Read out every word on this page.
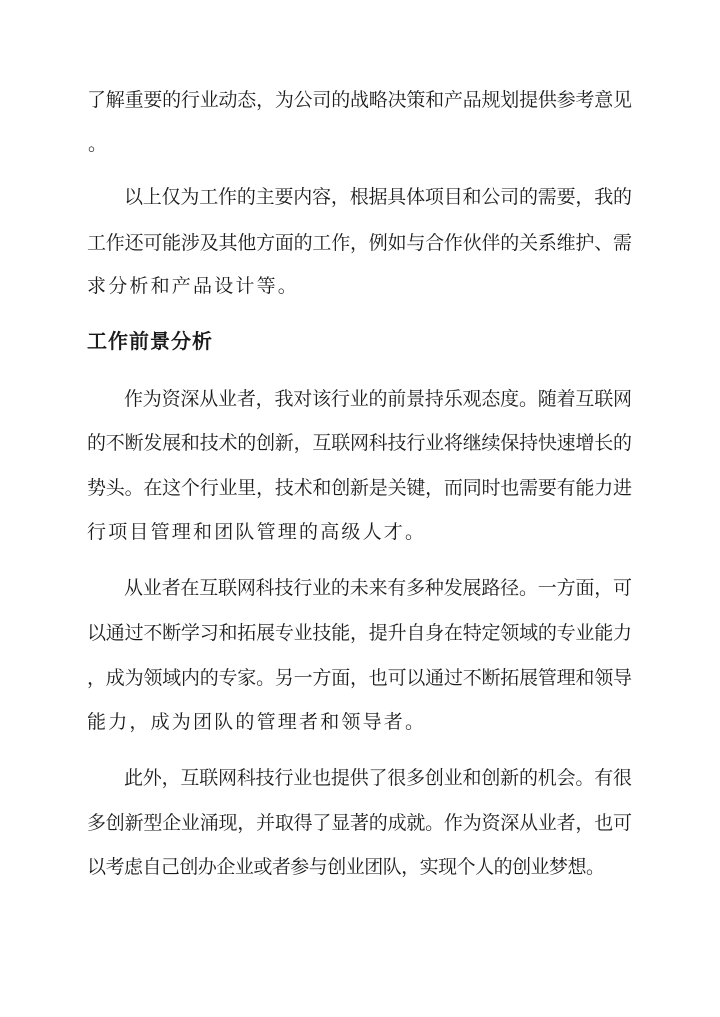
了 解 重 要 的 行 业 动 态 ， 为 公 司 的 战 略 决 策 和 产 品 规 划 提 供 参 考 意 见
。
以 上 仅 为 工 作 的 主 要 内 容 ， 根 据 具 体 项 目 和 公 司 的 需 要 ， 我 的
工 作 还 可 能 涉 及 其 他 方 面 的 工 作 ， 例 如 与 合 作 伙 伴 的 关 系 维 护 、 需
求分析和产品设计等。
工作前景分析
作 为 资 深 从 业 者 ， 我 对 该 行 业 的 前 景 持 乐 观 态 度 。 随 着 互 联 网
的 不 断 发 展 和 技 术 的 创 新 ， 互 联 网 科 技 行 业 将 继 续 保 持 快 速 增 长 的
势 头 。 在 这 个 行 业 里 ， 技 术 和 创 新 是 关 键 ， 而 同 时 也 需 要 有 能 力 进
行项目管理和团队管理的高级人才。
从 业 者 在 互 联 网 科 技 行 业 的 未 来 有 多 种 发 展 路 径 。 一 方 面 ， 可
以 通 过 不 断 学 习 和 拓 展 专 业 技 能 ， 提 升 自 身 在 特 定 领 域 的 专 业 能 力
， 成 为 领 域 内 的 专 家 。 另 一 方 面 ， 也 可 以 通 过 不 断 拓 展 管 理 和 领 导
能力，成为团队的管理者和领导者。
此 外 ， 互 联 网 科 技 行 业 也 提 供 了 很 多 创 业 和 创 新 的 机 会 。 有 很
多 创 新 型 企 业 涌 现 ， 并 取 得 了 显 著 的 成 就 。 作 为 资 深 从 业 者 ， 也 可
以 考 虑 自 己 创 办 企 业 或 者 参 与 创 业 团 队 ， 实 现 个 人 的 创 业 梦 想 。
